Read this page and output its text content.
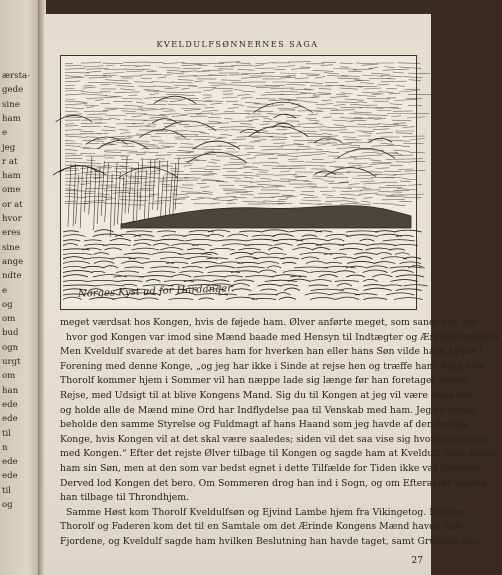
ærsta-
gede
sine
ham
e
jeg
r at
ham
ome
or at
hvor
eres
sine
ange
ndte
e
og
om
bud
ogn
urgt
om
han
ede
ede
til
n
ede
ede
til
og
KVELDULFSØNNERNES SAGA
Norges Kyst ud for Hardanger.
meget værdsat hos Kongen, hvis de føjede ham. Ølver anførte meget, som sandt var, om
hvor god Kongen var imod sine Mænd baade med Hensyn til Indtægter og Æresbevisninger.
Men Kveldulf svarede at det bares ham for hverken han eller hans Søn vilde have Lykke i
Forening med denne Konge, „og jeg har ikke i Sinde at rejse hen og træffe ham. Men hvis
Thorolf kommer hjem i Sommer vil han næppe lade sig længe før han foretager denne
Rejse, med Udsigt til at blive Kongens Mand. Sig du til Kongen at jeg vil være hans Ven
og holde alle de Mænd mine Ord har Indflydelse paa til Venskab med ham. Jeg vil ogsaa
beholde den samme Styrelse og Fuldmagt af hans Haand som jeg havde af den forrige
Konge, hvis Kongen vil at det skal være saaledes; siden vil det saa vise sig hvordan vi enes
med Kongen.“ Efter det rejste Ølver tilbage til Kongen og sagde ham at Kveldulf vilde sende
ham sin Søn, men at den som var bedst egnet i dette Tilfælde for Tiden ikke var hjemme.
Derved lod Kongen det bero. Om Sommeren drog han ind i Sogn, og om Efteraaret vendte
han tilbage til Throndhjem.
Samme Høst kom Thorolf Kveldulfsøn og Ejvind Lambe hjem fra Vikingetog. Mellem
Thorolf og Faderen kom det til en Samtale om det Ærinde Kongens Mænd havde haft i
Fjordene, og Kveldulf sagde ham hvilken Beslutning han havde taget, samt Grunden der-
27
